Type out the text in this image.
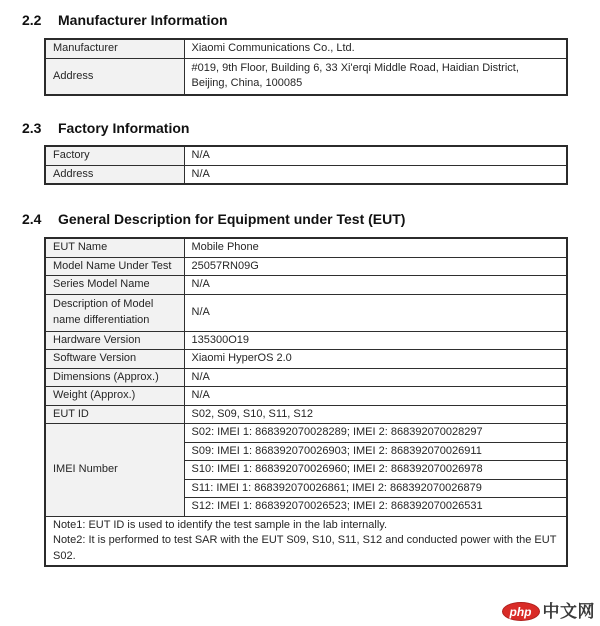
2.2	Manufacturer Information
Manufacturer	Xiaomi Communications Co., Ltd.
Address	#019, 9th Floor, Building 6, 33 Xi'erqi Middle Road, Haidian District,
Beijing, China, 100085
2.3	Factory Information
Factory	N/A
Address	N/A
2.4	General Description for Equipment under Test (EUT)
EUT Name	Mobile Phone
Model Name Under Test	25057RN09G
Series Model Name	N/A
Description of Model name differentiation	N/A
Hardware Version	135300O19
Software Version	Xiaomi HyperOS 2.0
Dimensions (Approx.)	N/A
Weight (Approx.)	N/A
EUT ID	S02, S09, S10, S11, S12
IMEI Number	S02: IMEI 1: 868392070028289; IMEI 2: 868392070028297
	S09: IMEI 1: 868392070026903; IMEI 2: 868392070026911
	S10: IMEI 1: 868392070026960; IMEI 2: 868392070026978
	S11: IMEI 1: 868392070026861; IMEI 2: 868392070026879
	S12: IMEI 1: 868392070026523; IMEI 2: 868392070026531

Note1: EUT ID is used to identify the test sample in the lab internally.
Note2: It is performed to test SAR with the EUT S09, S10, S11, S12 and conducted power with the EUT S02.	
php 中文网
